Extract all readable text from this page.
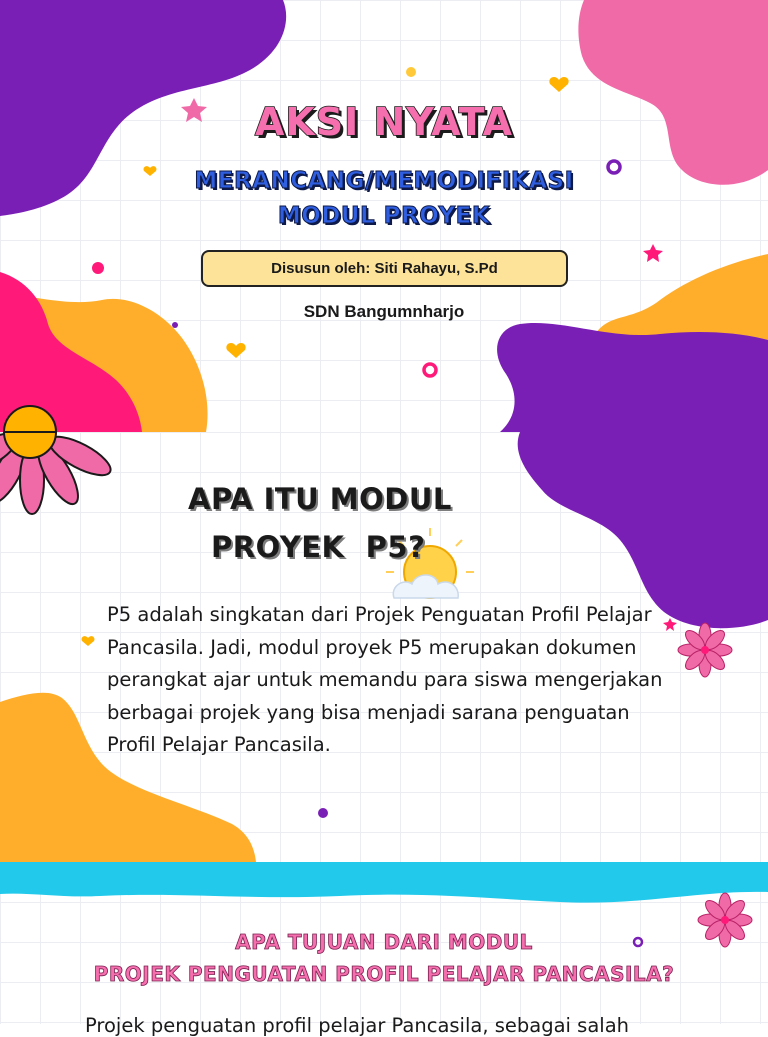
AKSI NYATA
MERANCANG/MEMODIFIKASI
MODUL PROYEK
Disusun oleh: Siti Rahayu, S.Pd
SDN Bangumnharjo
APA ITU MODUL
PROYEK  P5?
P5 adalah singkatan dari Projek Penguatan Profil Pelajar Pancasila. Jadi, modul proyek P5 merupakan dokumen perangkat ajar untuk memandu para siswa mengerjakan berbagai projek yang bisa menjadi sarana penguatan Profil Pelajar Pancasila.
APA TUJUAN DARI MODUL
PROJEK PENGUATAN PROFIL PELAJAR PANCASILA?
Projek penguatan profil pelajar Pancasila, sebagai salah
